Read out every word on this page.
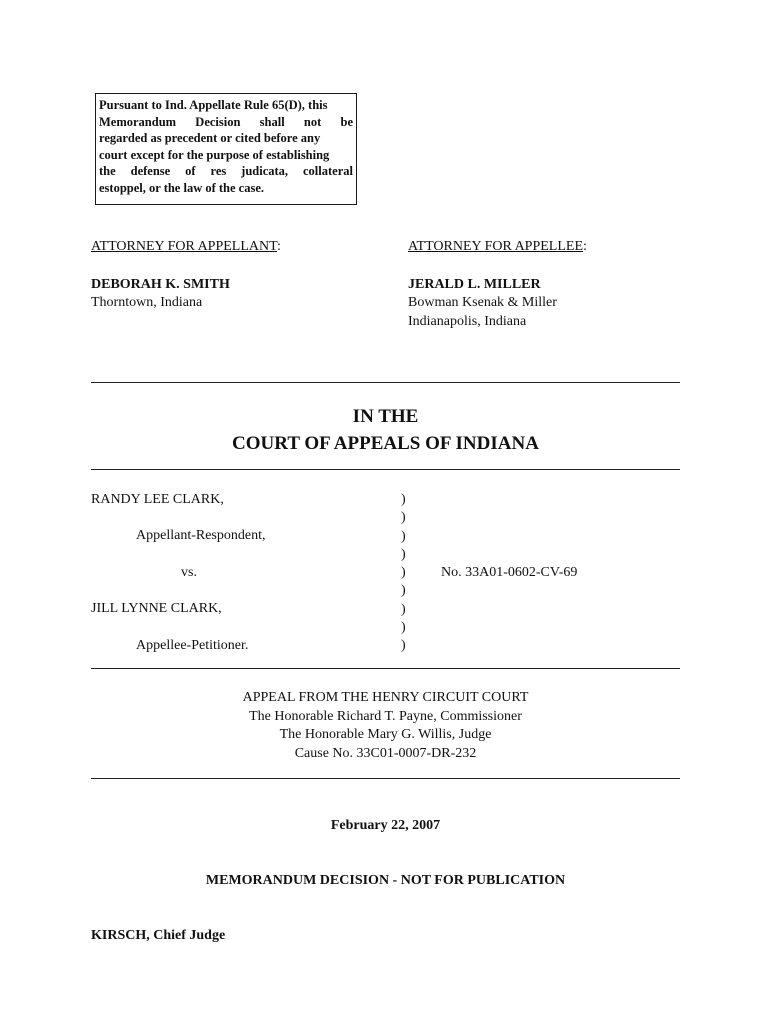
Pursuant to Ind. Appellate Rule 65(D), this
Memorandum Decision shall not be
regarded as precedent or cited before any
court except for the purpose of establishing
the defense of res judicata, collateral
estoppel, or the law of the case.
ATTORNEY FOR APPELLANT:
DEBORAH K. SMITH
Thorntown, Indiana
ATTORNEY FOR APPELLEE:
JERALD L. MILLER
Bowman Ksenak & Miller
Indianapolis, Indiana
IN THE
COURT OF APPEALS OF INDIANA
RANDY LEE CLARK,
Appellant-Respondent,
vs.
JILL LYNNE CLARK,
Appellee-Petitioner.
)
)
)
)
)
)
)
)
)
No. 33A01-0602-CV-69
APPEAL FROM THE HENRY CIRCUIT COURT
The Honorable Richard T. Payne, Commissioner
The Honorable Mary G. Willis, Judge
Cause No. 33C01-0007-DR-232
February 22, 2007
MEMORANDUM DECISION - NOT FOR PUBLICATION
KIRSCH, Chief Judge
